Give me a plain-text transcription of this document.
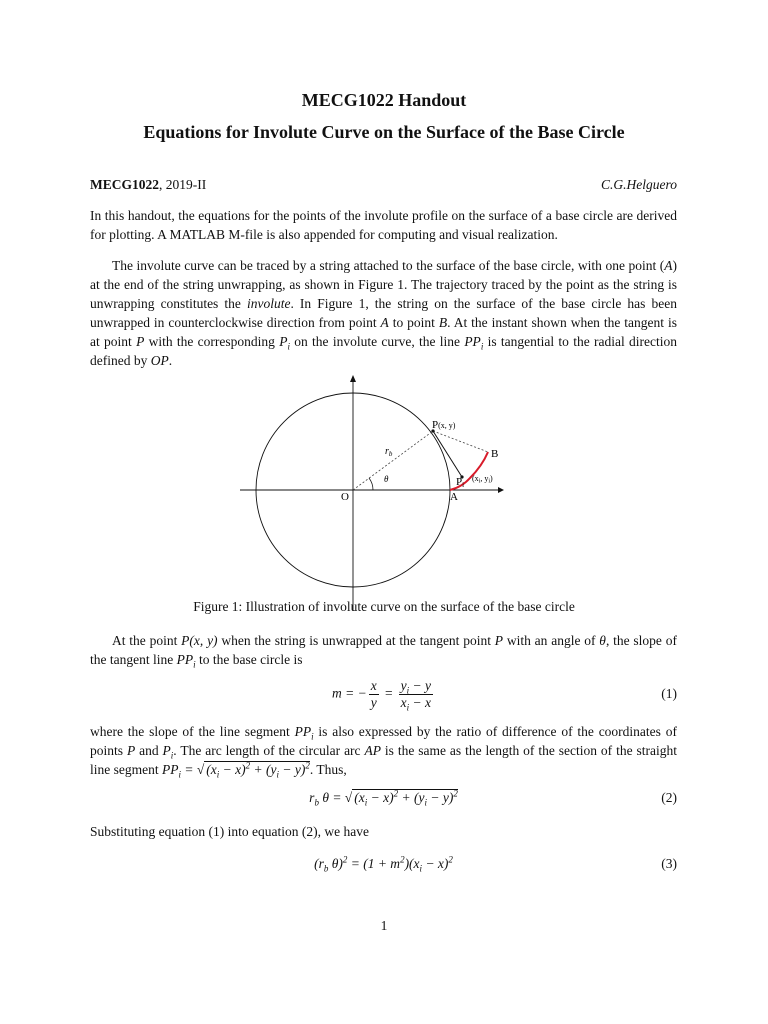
MECG1022 Handout
Equations for Involute Curve on the Surface of the Base Circle
MECG1022, 2019-II	C.G.Helguero

In this handout, the equations for the points of the involute profile on the surface of a base circle are derived for plotting. A MATLAB M-file is also appended for computing and visual realization.

The involute curve can be traced by a string attached to the surface of the base circle, with one point (A) at the end of the string unwrapping, as shown in Figure 1. The trajectory traced by the point as the string is unwrapping constitutes the involute. In Figure 1, the string on the surface of the base circle has been unwrapped in counterclockwise direction from point A to point B. At the instant shown when the tangent is at point P with the corresponding $P_i$ on the involute curve, the line $PP_i$ is tangential to the radial direction defined by OP.

O	A
B
P(x, y)
$r_b$
θ	Pi
(xi, yi)
Figure 1: Illustration of involute curve on the surface of the base circle

At the point P(x, y) when the string is unwrapped at the tangent point P with an angle of θ, the slope of the tangent line $PP_i$ to the base circle is

m = − $\frac{x}{y} = \frac{y_i - y}{x_i - x}$	(1)

where the slope of the line segment $PP_i$ is also expressed by the ratio of difference of the coordinates of points P and $P_i$. The arc length of the circular arc AP is the same as the length of the section of the straight line segment $PP_i$ = √ $(x_i - x)^2 + (y_i - y)^2$. Thus,

$r_b$ θ = √ $(x_i - x)^2 + (y_i - y)^2$	(2)

Substituting equation (1) into equation (2), we have

($r_b$ $\theta)^2 = (1 + m^2)(x_i - x)^2$	(3)
1
